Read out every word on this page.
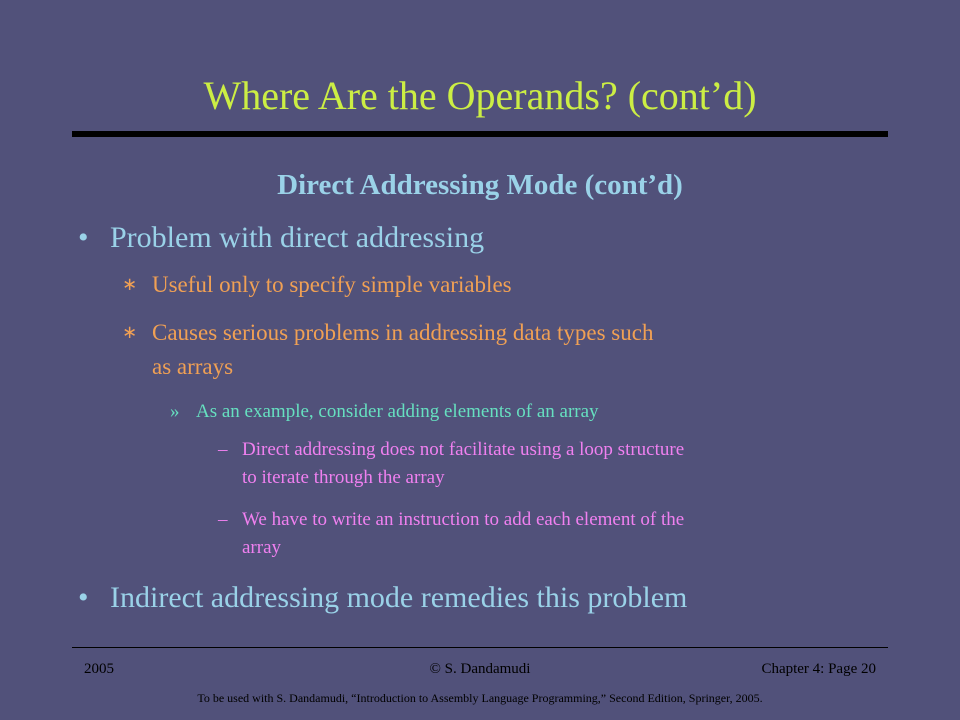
Where Are the Operands? (cont’d)
Direct Addressing Mode (cont’d)
• Problem with direct addressing
∗ Useful only to specify simple variables
∗ Causes serious problems in addressing data types such
as arrays
» As an example, consider adding elements of an array
– Direct addressing does not facilitate using a loop structure
to iterate through the array
– We have to write an instruction to add each element of the
array
• Indirect addressing mode remedies this problem
2005	© S. Dandamudi	Chapter 4: Page 20
To be used with S. Dandamudi, “Introduction to Assembly Language Programming,” Second Edition, Springer, 2005.
